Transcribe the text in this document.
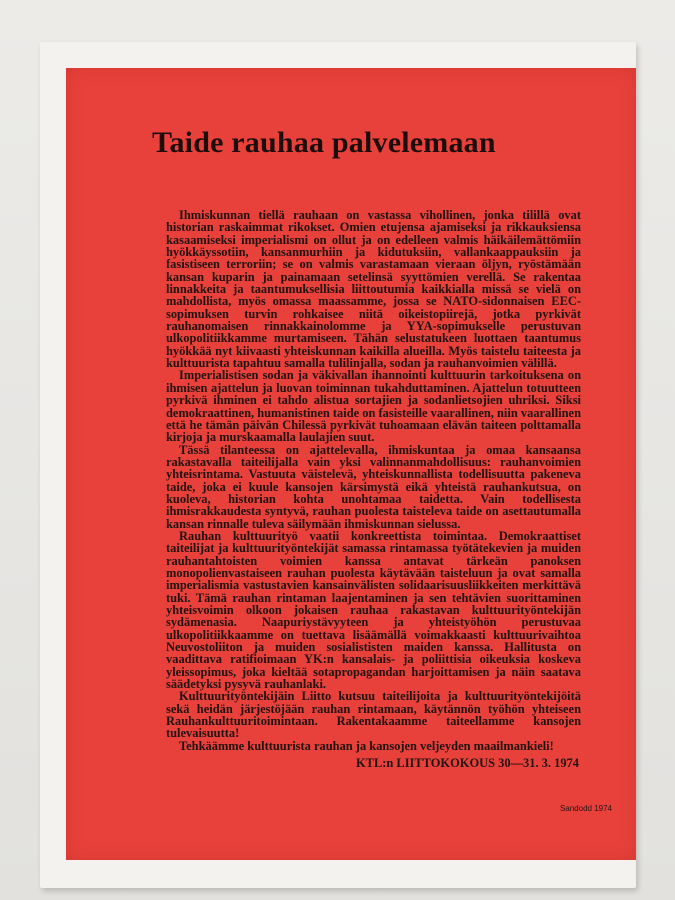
Taide rauhaa palvelemaan

Ihmiskunnan tiellä rauhaan on vastassa vihollinen, jonka tilillä ovat historian raskaimmat rikokset. Omien etujensa ajamiseksi ja rikkauksiensa kasaamiseksi imperialismi on ollut ja on edelleen valmis häikäilemättömiin hyökkäyssotiin, kansanmurhiin ja kidutuksiin, vallankaappauksiin ja fasistiseen terroriin; se on valmis varastamaan vieraan öljyn, ryöstämään kansan kuparin ja painamaan setelinsä syyttömien verellä. Se rakentaa linnakkeita ja taantumuksellisia liittoutumia kaikkialla missä se vielä on mahdollista, myös omassa maassamme, jossa se NATO-sidonnaisen EEC-sopimuksen turvin rohkaisee niitä oikeistopiirejä, jotka pyrkivät rauhanomaisen rinnakkainolomme ja YYA-sopimukselle perustuvan ulkopolitiikkamme murtamiseen. Tähän selustatukeen luottaen taantumus hyökkää nyt kiivaasti yhteiskunnan kaikilla alueilla. Myös taistelu taiteesta ja kulttuurista tapahtuu samalla tulilinjalla, sodan ja rauhanvoimien välillä.

Imperialistisen sodan ja väkivallan ihannointi kulttuurin tarkoituksena on ihmisen ajattelun ja luovan toiminnan tukahduttaminen. Ajattelun totuutteen pyrkivä ihminen ei tahdo alistua sortajien ja sodanlietsojien uhriksi. Siksi demokraattinen, humanistinen taide on fasisteille vaarallinen, niin vaarallinen että he tämän päivän Chilessä pyrkivät tuhoamaan elävän taiteen polttamalla kirjoja ja murskaamalla laulajien suut.

Tässä tilanteessa on ajattelevalla, ihmiskuntaa ja omaa kansaansa rakastavalla taiteilijalla vain yksi valinnanmahdollisuus: rauhanvoimien yhteisrintama. Vastuuta väistelevä, yhteiskunnallista todellisuutta pakeneva taide, joka ei kuule kansojen kärsimystä eikä yhteistä rauhankutsua, on kuoleva, historian kohta unohtamaa taidetta. Vain todellisesta ihmisrakkaudesta syntyvä, rauhan puolesta taisteleva taide on asettautumalla kansan rinnalle tuleva säilymään ihmiskunnan sielussa.

Rauhan kulttuurityö vaatii konkreettista toimintaa. Demokraattiset taiteilijat ja kulttuurityöntekijät samassa rintamassa työtätekevien ja muiden rauhantahtoisten voimien kanssa antavat tärkeän panoksen monopolienvastaiseen rauhan puolesta käytävään taisteluun ja ovat samalla imperialismia vastustavien kansainvälisten solidaarisuusliikkeiten merkittävä tuki. Tämä rauhan rintaman laajentaminen ja sen tehtävien suorittaminen yhteisvoimin olkoon jokaisen rauhaa rakastavan kulttuurityöntekijän sydämenasia. Naapuriystävyyteen ja yhteistyöhön perustuvaa ulkopolitiikkaamme on tuettava lisäämällä voimakkaasti kulttuurivaihtoa Neuvostoliiton ja muiden sosialististen maiden kanssa. Hallitusta on vaadittava ratifioimaan YK:n kansalais- ja poliittisia oikeuksia koskeva yleissopimus, joka kieltää sotapropagandan harjoittamisen ja näin saatava säädetyksi pysyvä rauhanlaki.

Kulttuurityöntekijäin Liitto kutsuu taiteilijoita ja kulttuurityöntekijöitä sekä heidän järjestöjään rauhan rintamaan, käytännön työhön yhteiseen Rauhankulttuuritoimintaan. Rakentakaamme taiteellamme kansojen tulevaisuutta!

Tehkäämme kulttuurista rauhan ja kansojen veljeyden maailmankieli!

KTL:n LIITTOKOKOUS 30—31. 3. 1974

Sandodd 1974
